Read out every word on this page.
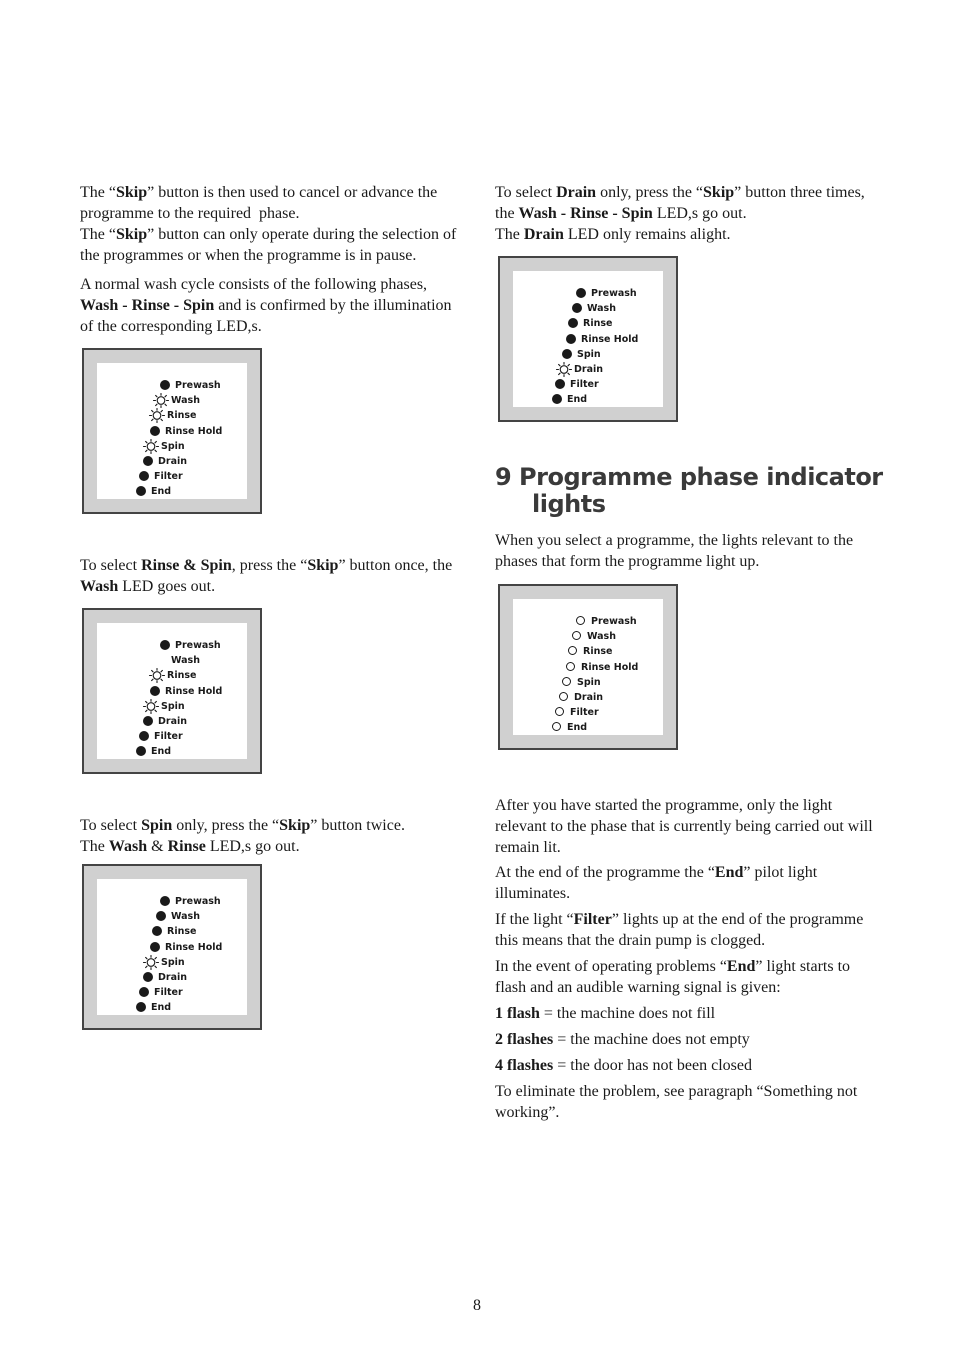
The “Skip” button is then used to cancel or advance the programme to the required  phase.
The “Skip” button can only operate during the selection of the programmes or when the programme is in pause.

A normal wash cycle consists of the following phases, Wash - Rinse - Spin and is confirmed by the illumination of the corresponding LED,s.

Prewash
Wash
Rinse
Rinse Hold
Spin
Drain
Filter
End

To select Rinse & Spin, press the “Skip” button once, the Wash LED goes out.

Prewash
Wash
Rinse
Rinse Hold
Spin
Drain
Filter
End

To select Spin only, press the “Skip” button twice.
The Wash & Rinse LED,s go out.

Prewash
Wash
Rinse
Rinse Hold
Spin
Drain
Filter
End

To select Drain only, press the “Skip” button three times, the Wash - Rinse - Spin LED,s go out.
The Drain LED only remains alight.

Prewash
Wash
Rinse
Rinse Hold
Spin
Drain
Filter
End
9 Programme phase indicator
lights

When you select a programme, the lights relevant to the phases that form the programme light up.

Prewash
Wash
Rinse
Rinse Hold
Spin
Drain
Filter
End

After you have started the programme, only the light relevant to the phase that is currently being carried out will remain lit.

At the end of the programme the “End” pilot light illuminates.

If the light “Filter” lights up at the end of the programme this means that the drain pump is clogged.

In the event of operating problems “End” light starts to flash and an audible warning signal is given:

1 flash = the machine does not fill

2 flashes = the machine does not empty

4 flashes = the door has not been closed

To eliminate the problem, see paragraph “Something not working”.

8
